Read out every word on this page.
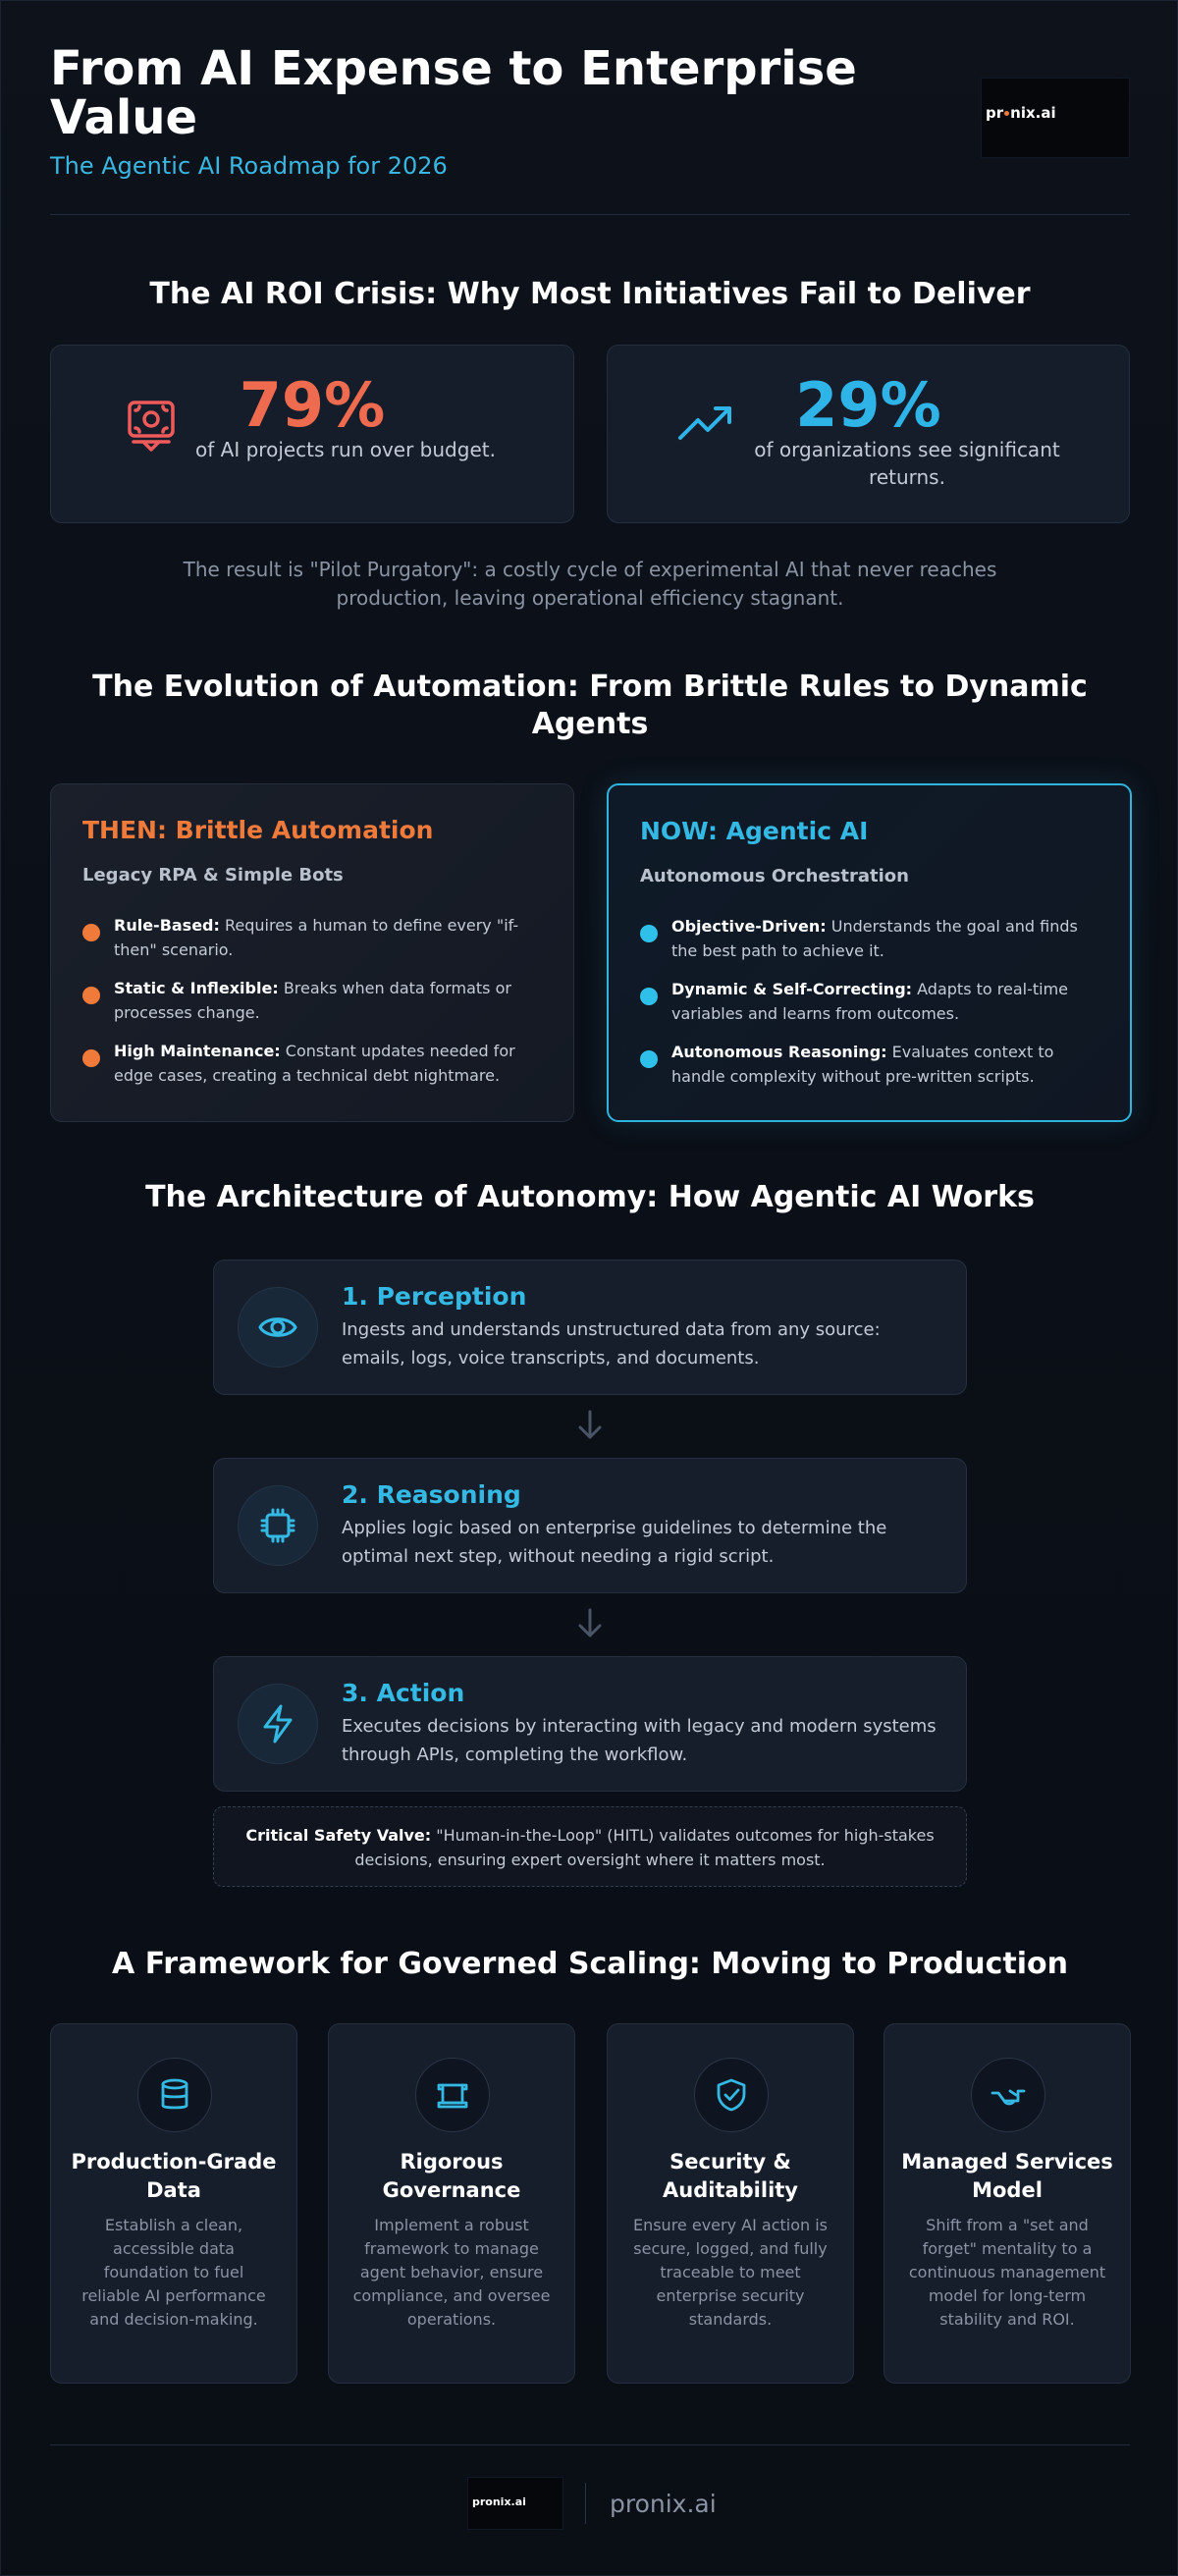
From AI Expense to Enterprise Value

The Agentic AI Roadmap for 2026

pr nix.ai
The AI ROI Crisis: Why Most Initiatives Fail to Deliver
79%
of AI projects run over budget.
29%
of organizations see significant returns.

The result is "Pilot Purgatory": a costly cycle of experimental AI that never reaches production, leaving operational efficiency stagnant.

The Evolution of Automation: From Brittle Rules to Dynamic Agents
THEN: Brittle Automation
Legacy RPA & Simple Bots
Rule-Based: Requires a human to define every "if-then" scenario.
Static & Inflexible: Breaks when data formats or processes change.
High Maintenance: Constant updates needed for edge cases, creating a technical debt nightmare.
NOW: Agentic AI
Autonomous Orchestration
Objective-Driven: Understands the goal and finds the best path to achieve it.
Dynamic & Self-Correcting: Adapts to real-time variables and learns from outcomes.
Autonomous Reasoning: Evaluates context to handle complexity without pre-written scripts.
The Architecture of Autonomy: How Agentic AI Works
1. Perception
Ingests and understands unstructured data from any source: emails, logs, voice transcripts, and documents.
2. Reasoning
Applies logic based on enterprise guidelines to determine the optimal next step, without needing a rigid script.
3. Action
Executes decisions by interacting with legacy and modern systems through APIs, completing the workflow.
Critical Safety Valve: "Human-in-the-Loop" (HITL) validates outcomes for high-stakes decisions, ensuring expert oversight where it matters most.
A Framework for Governed Scaling: Moving to Production
Production-Grade Data
Establish a clean, accessible data foundation to fuel reliable AI performance and decision-making.
Rigorous Governance
Implement a robust framework to manage agent behavior, ensure compliance, and oversee operations.
Security & Auditability
Ensure every AI action is secure, logged, and fully traceable to meet enterprise security standards.
Managed Services Model
Shift from a "set and forget" mentality to a continuous management model for long-term stability and ROI.
pronix.ai	pronix.ai
